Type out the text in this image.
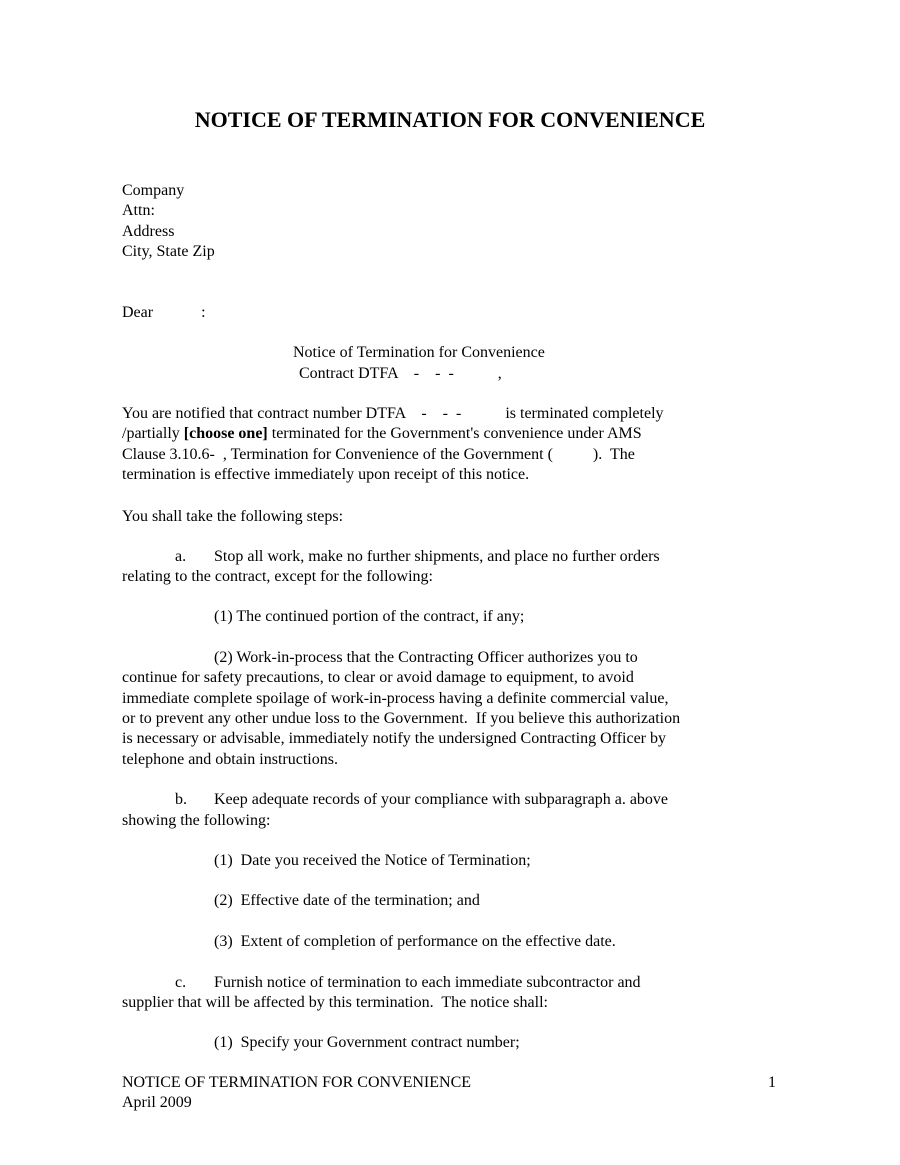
NOTICE OF TERMINATION FOR CONVENIENCE
Company
Attn:
Address
City, State Zip
Dear            :
Notice of Termination for Convenience
Contract DTFA    -    -  -           ,
You are notified that contract number DTFA    -    -  -           is terminated completely
/partially [choose one] terminated for the Government's convenience under AMS
Clause 3.10.6-  , Termination for Convenience of the Government (          ).  The
termination is effective immediately upon receipt of this notice.
You shall take the following steps:
a. Stop all work, make no further shipments, and place no further orders
relating to the contract, except for the following:
(1) The continued portion of the contract, if any;
(2) Work-in-process that the Contracting Officer authorizes you to
continue for safety precautions, to clear or avoid damage to equipment, to avoid
immediate complete spoilage of work-in-process having a definite commercial value,
or to prevent any other undue loss to the Government.  If you believe this authorization
is necessary or advisable, immediately notify the undersigned Contracting Officer by
telephone and obtain instructions.
b. Keep adequate records of your compliance with subparagraph a. above
showing the following:
(1)  Date you received the Notice of Termination;
(2)  Effective date of the termination; and
(3)  Extent of completion of performance on the effective date.
c. Furnish notice of termination to each immediate subcontractor and
supplier that will be affected by this termination.  The notice shall:
(1)  Specify your Government contract number;
NOTICE OF TERMINATION FOR CONVENIENCE
April 2009
1
